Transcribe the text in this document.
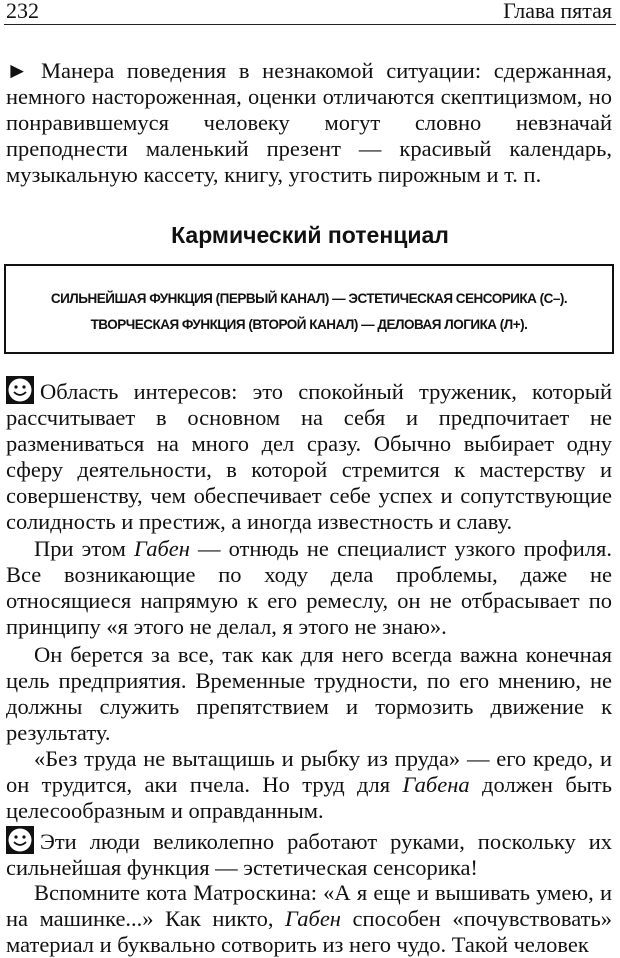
232	Глава пятая
► Манера поведения в незнакомой ситуации: сдержанная, немного настороженная, оценки отличаются скептицизмом, но понравившемуся человеку могут словно невзначай преподнести маленький презент — красивый календарь, музыкальную кассету, книгу, угостить пирожным и т. п.
Кармический потенциал
СИЛЬНЕЙШАЯ ФУНКЦИЯ (ПЕРВЫЙ КАНАЛ) — ЭСТЕТИЧЕСКАЯ СЕНСОРИКА (С–).
ТВОРЧЕСКАЯ ФУНКЦИЯ (ВТОРОЙ КАНАЛ) — ДЕЛОВАЯ ЛОГИКА (Л+).
Область интересов: это спокойный труженик, который рассчитывает в основном на себя и предпочитает не размениваться на много дел сразу. Обычно выбирает одну сферу деятельности, в которой стремится к мастерству и совершенству, чем обеспечивает себе успех и сопутствующие солидность и престиж, а иногда известность и славу.
При этом Габен — отнюдь не специалист узкого профиля. Все возникающие по ходу дела проблемы, даже не относящиеся напрямую к его ремеслу, он не отбрасывает по принципу «я этого не делал, я этого не знаю».
Он берется за все, так как для него всегда важна конечная цель предприятия. Временные трудности, по его мнению, не должны служить препятствием и тормозить движение к результату.
«Без труда не вытащишь и рыбку из пруда» — его кредо, и он трудится, аки пчела. Но труд для Габена должен быть целесообразным и оправданным.
Эти люди великолепно работают руками, поскольку их сильнейшая функция — эстетическая сенсорика!
Вспомните кота Матроскина: «А я еще и вышивать умею, и на машинке...» Как никто, Габен способен «почувствовать» материал и буквально сотворить из него чудо. Такой человек
